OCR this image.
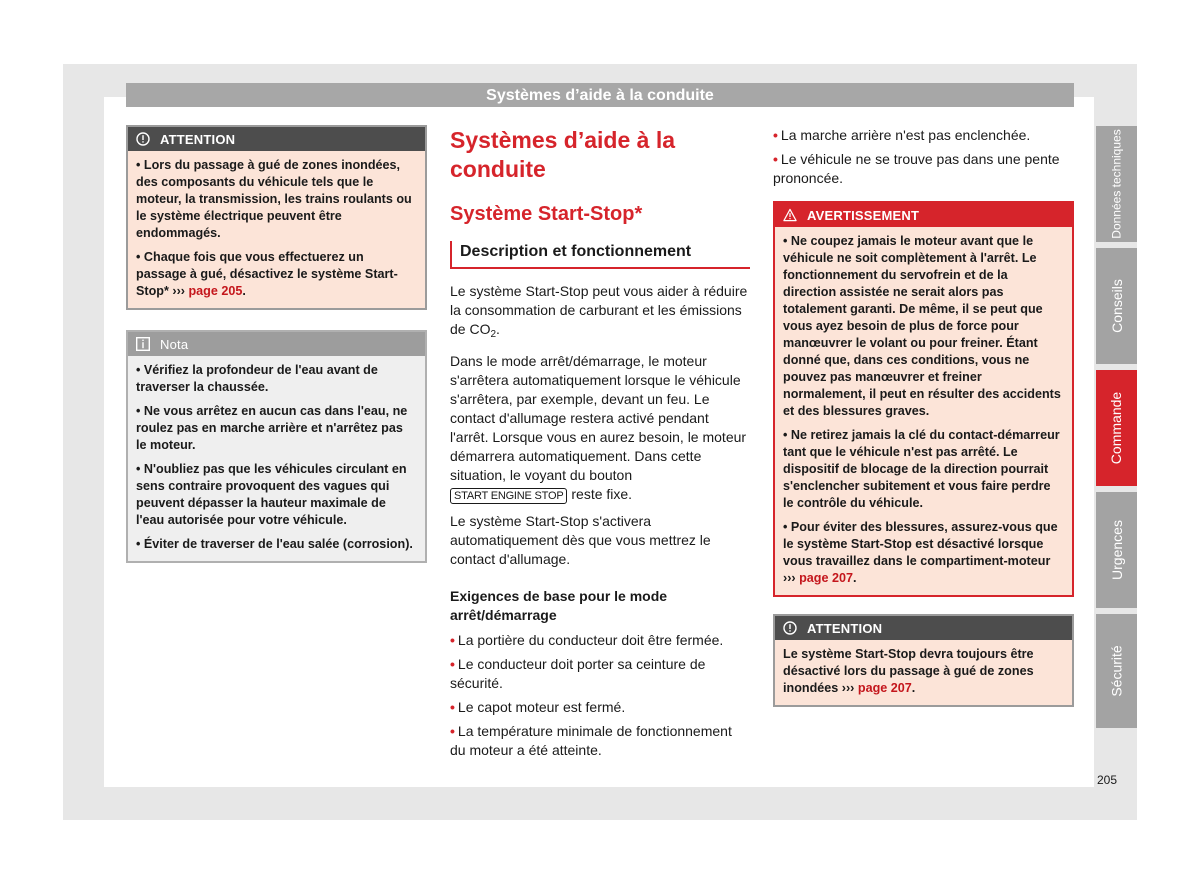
Systèmes d’aide à la conduite
ATTENTION

• Lors du passage à gué de zones inondées, des composants du véhicule tels que le moteur, la transmission, les trains roulants ou le système électrique peuvent être endommagés.

• Chaque fois que vous effectuerez un passage à gué, désactivez le système Start-Stop* ››› page 205.

Nota

• Vérifiez la profondeur de l'eau avant de traverser la chaussée.

• Ne vous arrêtez en aucun cas dans l'eau, ne roulez pas en marche arrière et n'arrêtez pas le moteur.

• N'oubliez pas que les véhicules circulant en sens contraire provoquent des vagues qui peuvent dépasser la hauteur maximale de l'eau autorisée pour votre véhicule.

• Éviter de traverser de l'eau salée (corrosion).

Systèmes d’aide à la conduite
Système Start-Stop*
Description et fonctionnement

Le système Start-Stop peut vous aider à réduire la consommation de carburant et les émissions de $CO_2$.

Dans le mode arrêt/démarrage, le moteur s'arrêtera automatiquement lorsque le véhicule s'arrêtera, par exemple, devant un feu. Le contact d'allumage restera activé pendant l'arrêt. Lorsque vous en aurez besoin, le moteur démarrera automatiquement. Dans cette situation, le voyant du bouton
START ENGINE STOP reste fixe.

Le système Start-Stop s'activera automatiquement dès que vous mettrez le contact d'allumage.

Exigences de base pour le mode arrêt/démarrage
• La portière du conducteur doit être fermée.
• Le conducteur doit porter sa ceinture de sécurité.
• Le capot moteur est fermé.
• La température minimale de fonctionnement du moteur a été atteinte.
• La marche arrière n'est pas enclenchée.
• Le véhicule ne se trouve pas dans une pente prononcée.
AVERTISSEMENT

• Ne coupez jamais le moteur avant que le véhicule ne soit complètement à l'arrêt. Le fonctionnement du servofrein et de la direction assistée ne serait alors pas totalement garanti. De même, il se peut que vous ayez besoin de plus de force pour manœuvrer le volant ou pour freiner. Étant donné que, dans ces conditions, vous ne pouvez pas manœuvrer et freiner normalement, il peut en résulter des accidents et des blessures graves.

• Ne retirez jamais la clé du contact-démarreur tant que le véhicule n'est pas arrêté. Le dispositif de blocage de la direction pourrait s'enclencher subitement et vous faire perdre le contrôle du véhicule.

• Pour éviter des blessures, assurez-vous que le système Start-Stop est désactivé lorsque vous travaillez dans le compartiment-moteur ››› page 207.

ATTENTION

Le système Start-Stop devra toujours être désactivé lors du passage à gué de zones inondées ››› page 207.

Données techniques
Conseils
Commande
Urgences
Sécurité
205
